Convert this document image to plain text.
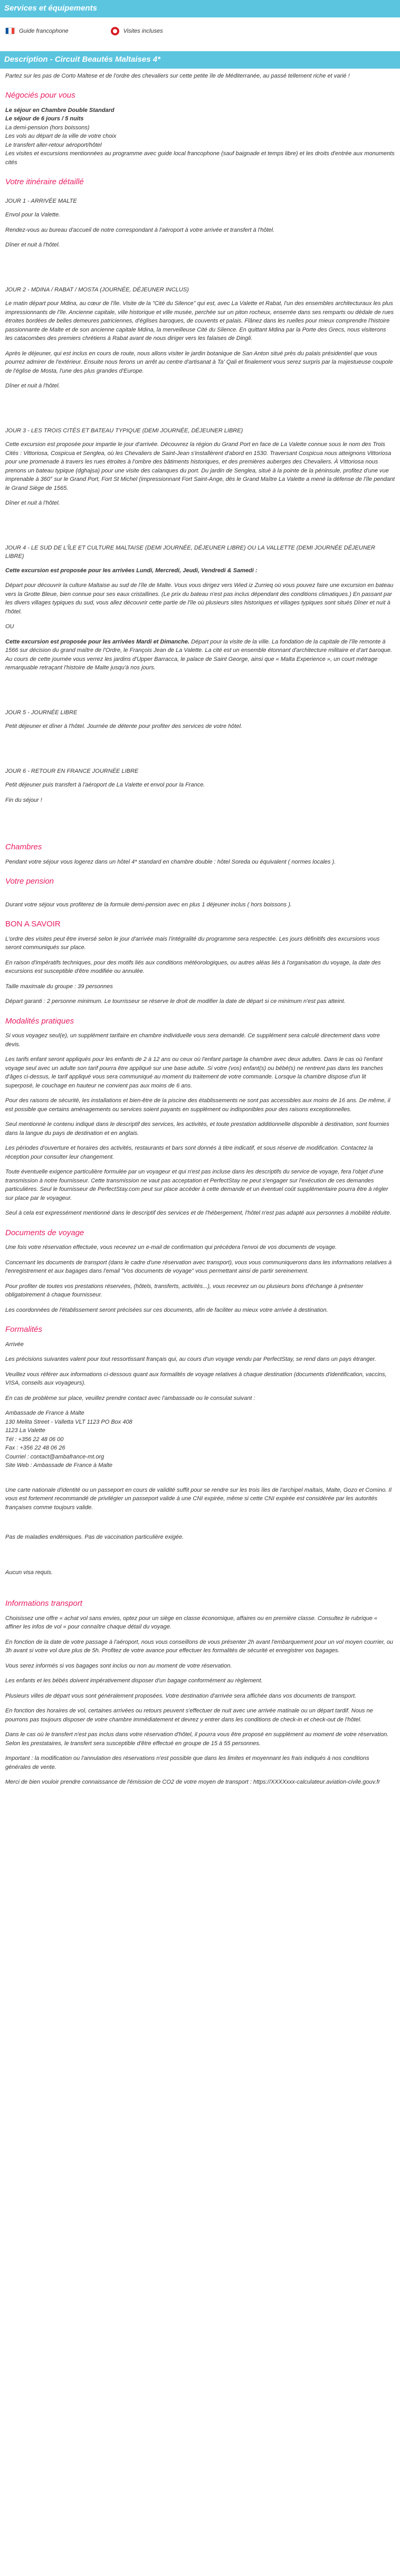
Services et équipements
Guide francophone	Visites incluses
Description - Circuit Beautés Maltaises 4*

Partez sur les pas de Corto Maltese et de l'ordre des chevaliers sur cette petite île de Méditerranée, au passé tellement riche et varié !

Négociés pour vous

Le séjour en Chambre Double Standard
Le séjour de 6 jours / 5 nuits
La demi-pension (hors boissons)
Les vols au départ de la ville de votre choix
Le transfert aller-retour aéroport/hôtel
Les visites et excursions mentionnées au programme avec guide local francophone (sauf baignade et temps libre) et les droits d'entrée aux monuments cités

Votre itinéraire détaillé
JOUR 1 - ARRIVÉE MALTE

Envol pour la Valette.

Rendez-vous au bureau d'accueil de notre correspondant à l'aéroport à votre arrivée et transfert à l'hôtel.

Dîner et nuit à l'hôtel.

JOUR 2 - MDINA / RABAT / MOSTA (JOURNÉE, DÉJEUNER INCLUS)

Le matin départ pour Mdina, au cœur de l'île. Visite de la "Cité du Silence" qui est, avec La Valette et Rabat, l'un des ensembles architecturaux les plus impressionnants de l'île. Ancienne capitale, ville historique et ville musée, perchée sur un piton rocheux, enserrée dans ses remparts ou dédale de rues étroites bordées de belles demeures patriciennes, d'églises baroques, de couvents et palais. Flânez dans les ruelles pour mieux comprendre l'histoire passionnante de Malte et de son ancienne capitale Mdina, la merveilleuse Cité du Silence. En quittant Mdina par la Porte des Grecs, nous visiterons les catacombes des premiers chrétiens à Rabat avant de nous diriger vers les falaises de Dingli.

Après le déjeuner, qui est inclus en cours de route, nous allons visiter le jardin botanique de San Anton situé près du palais présidentiel que vous pourrez admirer de l'extérieur. Ensuite nous ferons un arrêt au centre d'artisanat à Ta' Qali et finalement vous serez surpris par la majestueuse coupole de l'église de Mosta, l'une des plus grandes d'Europe.

Dîner et nuit à l'hôtel.

JOUR 3 - LES TROIS CITÉS ET BATEAU TYPIQUE (DEMI JOURNÉE, DÉJEUNER LIBRE)

Cette excursion est proposée pour impartie le jour d'arrivée. Découvrez la région du Grand Port en face de La Valette connue sous le nom des Trois Cités : Vittoriosa, Cospicua et Senglea, où les Chevaliers de Saint-Jean s'installèrent d'abord en 1530. Traversant Cospicua nous atteignons Vittoriosa pour une promenade à travers les rues étroites à l'ombre des bâtiments historiques, et des premières auberges des Chevaliers. À Vittoriosa nous prenons un bateau typique (dghajsa) pour une visite des calanques du port. Du jardin de Senglea, situé à la pointe de la péninsule, profitez d'une vue imprenable à 360° sur le Grand Port, Fort St Michel (impressionnant Fort Saint-Ange, dès le Grand Maître La Valette a mené la défense de l'île pendant le Grand Siège de 1565.

Dîner et nuit à l'hôtel.

JOUR 4 - LE SUD DE L'ÎLE ET CULTURE MALTAISE (DEMI JOURNÉE, DÉJEUNER LIBRE) OU LA VALLETTE (DEMI JOURNÉE DÉJEUNER LIBRE)

Cette excursion est proposée pour les arrivées Lundi, Mercredi, Jeudi, Vendredi & Samedi :

Départ pour découvrir la culture Maltaise au sud de l'île de Malte. Vous vous dirigez vers Wied iz Zurrieq où vous pouvez faire une excursion en bateau vers la Grotte Bleue, bien connue pour ses eaux cristallines. (Le prix du bateau n'est pas inclus dépendant des conditions climatiques.) En passant par les divers villages typiques du sud, vous allez découvrir cette partie de l'île où plusieurs sites historiques et villages typiques sont situés Dîner et nuit à l'hôtel.

OU

Cette excursion est proposée pour les arrivées Mardi et Dimanche. Départ pour la visite de la ville. La fondation de la capitale de l'île remonte à 1566 sur décision du grand maître de l'Ordre, le François Jean de La Valette. La cité est un ensemble étonnant d'architecture militaire et d'art baroque. Au cours de cette journée vous verrez les jardins d'Upper Barracca, le palace de Saint George, ainsi que « Malta Experience », un court métrage remarquable retraçant l'histoire de Malte jusqu'à nos jours.

JOUR 5 - JOURNÉE LIBRE

Petit déjeuner et dîner à l'hôtel. Journée de détente pour profiter des services de votre hôtel.

JOUR 6 - RETOUR EN FRANCE JOURNÉE LIBRE

Petit déjeuner puis transfert à l'aéroport de La Valette et envol pour la France.

Fin du séjour !

Chambres

Pendant votre séjour vous logerez dans un hôtel 4* standard en chambre double : hôtel Soreda ou équivalent ( normes locales ).

Votre pension

Durant votre séjour vous profiterez de la formule demi-pension avec en plus 1 déjeuner inclus ( hors boissons ).

BON A SAVOIR

L'ordre des visites peut être inversé selon le jour d'arrivée mais l'intégralité du programme sera respectée. Les jours définitifs des excursions vous seront communiqués sur place.

En raison d'impératifs techniques, pour des motifs liés aux conditions météorologiques, ou autres aléas liés à l'organisation du voyage, la date des excursions est susceptible d'être modifiée ou annulée.

Taille maximale du groupe : 39 personnes

Départ garanti : 2 personne minimum. Le tourrisseur se réserve le droit de modifier la date de départ si ce minimum n'est pas atteint.

Modalités pratiques

Si vous voyagez seul(e), un supplément tarifaire en chambre individuelle vous sera demandé. Ce supplément sera calculé directement dans votre devis.

Les tarifs enfant seront appliqués pour les enfants de 2 à 12 ans ou ceux où l'enfant partage la chambre avec deux adultes. Dans le cas où l'enfant voyage seul avec un adulte son tarif pourra être appliqué sur une base adulte. Si votre (vos) enfant(s) ou bébé(s) ne rentrent pas dans les tranches d'âges ci-dessus, le tarif appliqué vous sera communiqué au moment du traitement de votre commande. Lorsque la chambre dispose d'un lit superposé, le couchage en hauteur ne convient pas aux moins de 6 ans.

Pour des raisons de sécurité, les installations et bien-être de la piscine des établissements ne sont pas accessibles aux moins de 16 ans. De même, il est possible que certains aménagements ou services soient payants en supplément ou indisponibles pour des raisons exceptionnelles.

Seul mentionné le contenu indiqué dans le descriptif des services, les activités, et toute prestation additionnelle disponible à destination, sont fournies dans la langue du pays de destination et en anglais.

Les périodes d'ouverture et horaires des activités, restaurants et bars sont donnés à titre indicatif, et sous réserve de modification. Contactez la réception pour consulter leur changement.

Toute éventuelle exigence particulière formulée par un voyageur et qui n'est pas incluse dans les descriptifs du service de voyage, fera l'objet d'une transmission à notre fournisseur. Cette transmission ne vaut pas acceptation et PerfectStay ne peut s'engager sur l'exécution de ces demandes particulières. Seul le fournisseur de PerfectStay.com peut sur place accéder à cette demande et un éventuel coût supplémentaire pourra être à régler sur place par le voyageur.

Seul à cela est expressément mentionné dans le descriptif des services et de l'hébergement, l'hôtel n'est pas adapté aux personnes à mobilité réduite.

Documents de voyage

Une fois votre réservation effectuée, vous recevrez un e-mail de confirmation qui précédera l'envoi de vos documents de voyage.

Concernant les documents de transport (dans le cadre d'une réservation avec transport), vous vous communiquerons dans les informations relatives à l'enregistrement et aux bagages dans l'email "Vos documents de voyage" vous permettant ainsi de partir sereinement.

Pour profiter de toutes vos prestations réservées, (hôtels, transferts, activités...), vous recevrez un ou plusieurs bons d'échange à présenter obligatoirement à chaque fournisseur.

Les coordonnées de l'établissement seront précisées sur ces documents, afin de faciliter au mieux votre arrivée à destination.

Formalités

Arrivée

Les précisions suivantes valent pour tout ressortissant français qui, au cours d'un voyage vendu par PerfectStay, se rend dans un pays étranger.

Veuillez vous référer aux informations ci-dessous quant aux formalités de voyage relatives à chaque destination (documents d'identification, vaccins, VISA, conseils aux voyageurs).

En cas de problème sur place, veuillez prendre contact avec l'ambassade ou le consulat suivant :

Ambassade de France à Malte

130 Melita Street - Valletta VLT 1123 PO Box 408

1123 La Valette

Tél : +356 22 48 06 00

Fax : +356 22 48 06 26

Courriel : contact@ambafrance-mt.org

Site Web : Ambassade de France à Malte

Une carte nationale d'identité ou un passeport en cours de validité suffit pour se rendre sur les trois îles de l'archipel maltais, Malte, Gozo et Comino. Il vous est fortement recommandé de privilégier un passeport valide à une CNI expirée, même si cette CNI expirée est considérée par les autorités françaises comme toujours valide.

Pas de maladies endémiques. Pas de vaccination particulière exigée.

Aucun visa requis.

Informations transport

Choisissez une offre « achat vol sans envies, optez pour un siège en classe économique, affaires ou en première classe. Consultez le rubrique « affiner les infos de vol » pour connaître chaque détail du voyage.

En fonction de la date de votre passage à l'aéroport, nous vous conseillons de vous présenter 2h avant l'embarquement pour un vol moyen courrier, ou 3h avant si votre vol dure plus de 5h. Profitez de votre avance pour effectuer les formalités de sécurité et enregistrer vos bagages.

Vous serez informés si vos bagages sont inclus ou non au moment de votre réservation.

Les enfants et les bébés doivent impérativement disposer d'un bagage conformément au règlement.

Plusieurs villes de départ vous sont généralement proposées. Votre destination d'arrivée sera affichée dans vos documents de transport.

En fonction des horaires de vol, certaines arrivées ou retours peuvent s'effectuer de nuit avec une arrivée matinale ou un départ tardif. Nous ne pourrons pas toujours disposer de votre chambre immédiatement et devrez y entrer dans les conditions de check-in et check-out de l'hôtel.

Dans le cas où le transfert n'est pas inclus dans votre réservation d'hôtel, il pourra vous être proposé en supplément au moment de votre réservation. Selon les prestataires, le transfert sera susceptible d'être effectué en groupe de 15 à 55 personnes.

Important : la modification ou l'annulation des réservations n'est possible que dans les limites et moyennant les frais indiqués à nos conditions générales de vente.

Merci de bien vouloir prendre connaissance de l'émission de CO2 de votre moyen de transport : https://XXXXxxx-calculateur.aviation-civile.gouv.fr
